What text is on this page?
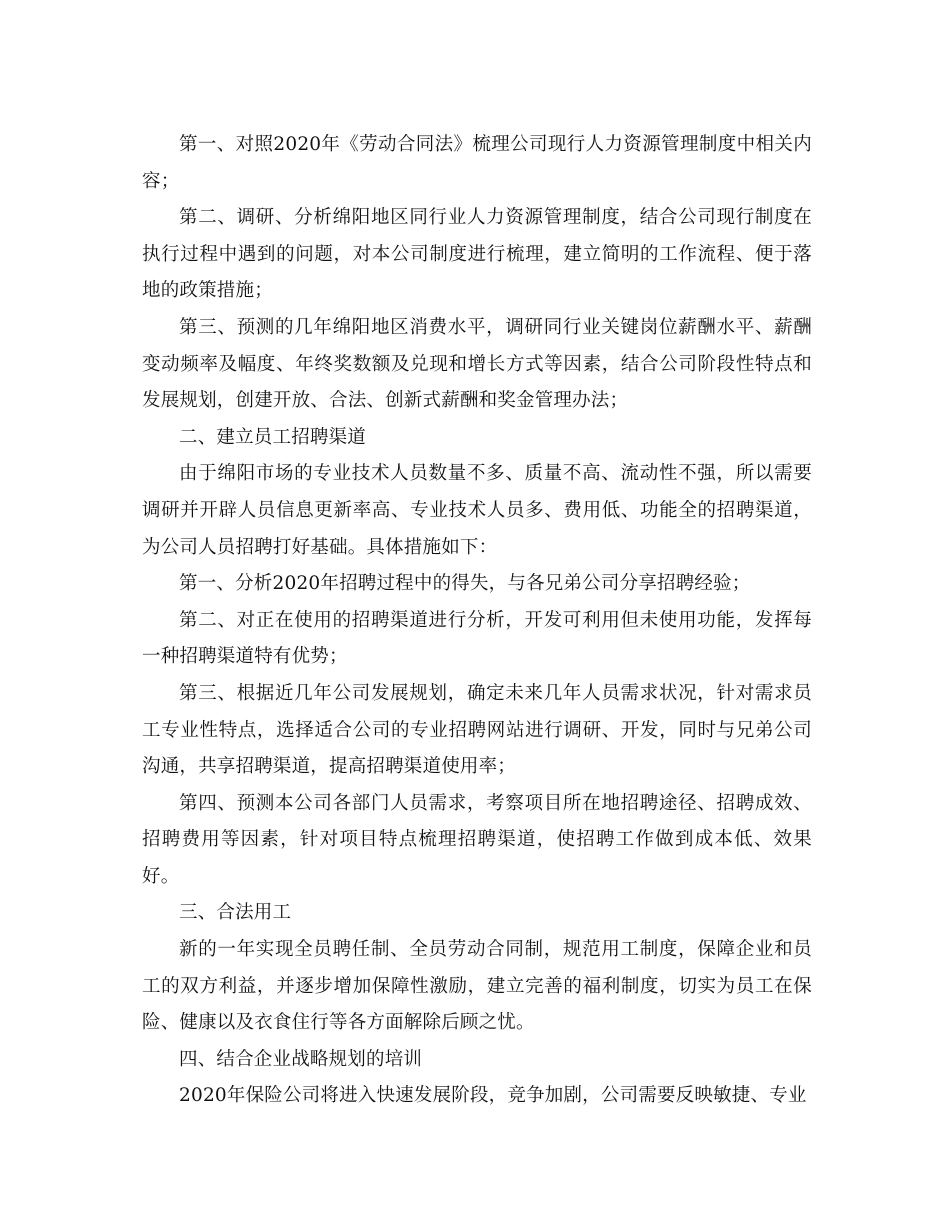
第一、对照2020年《劳动合同法》梳理公司现行人力资源管理制度中相关内容；

第二、调研、分析绵阳地区同行业人力资源管理制度，结合公司现行制度在执行过程中遇到的问题，对本公司制度进行梳理，建立简明的工作流程、便于落地的政策措施；

第三、预测的几年绵阳地区消费水平，调研同行业关键岗位薪酬水平、薪酬变动频率及幅度、年终奖数额及兑现和增长方式等因素，结合公司阶段性特点和发展规划，创建开放、合法、创新式薪酬和奖金管理办法；

二、建立员工招聘渠道

由于绵阳市场的专业技术人员数量不多、质量不高、流动性不强，所以需要调研并开辟人员信息更新率高、专业技术人员多、费用低、功能全的招聘渠道，为公司人员招聘打好基础。具体措施如下：

第一、分析2020年招聘过程中的得失，与各兄弟公司分享招聘经验；

第二、对正在使用的招聘渠道进行分析，开发可利用但未使用功能，发挥每一种招聘渠道特有优势；

第三、根据近几年公司发展规划，确定未来几年人员需求状况，针对需求员工专业性特点，选择适合公司的专业招聘网站进行调研、开发，同时与兄弟公司沟通，共享招聘渠道，提高招聘渠道使用率；

第四、预测本公司各部门人员需求，考察项目所在地招聘途径、招聘成效、招聘费用等因素，针对项目特点梳理招聘渠道，使招聘工作做到成本低、效果好。

三、合法用工

新的一年实现全员聘任制、全员劳动合同制，规范用工制度，保障企业和员工的双方利益，并逐步增加保障性激励，建立完善的福利制度，切实为员工在保险、健康以及衣食住行等各方面解除后顾之忧。

四、结合企业战略规划的培训

2020年保险公司将进入快速发展阶段，竞争加剧，公司需要反映敏捷、专业
